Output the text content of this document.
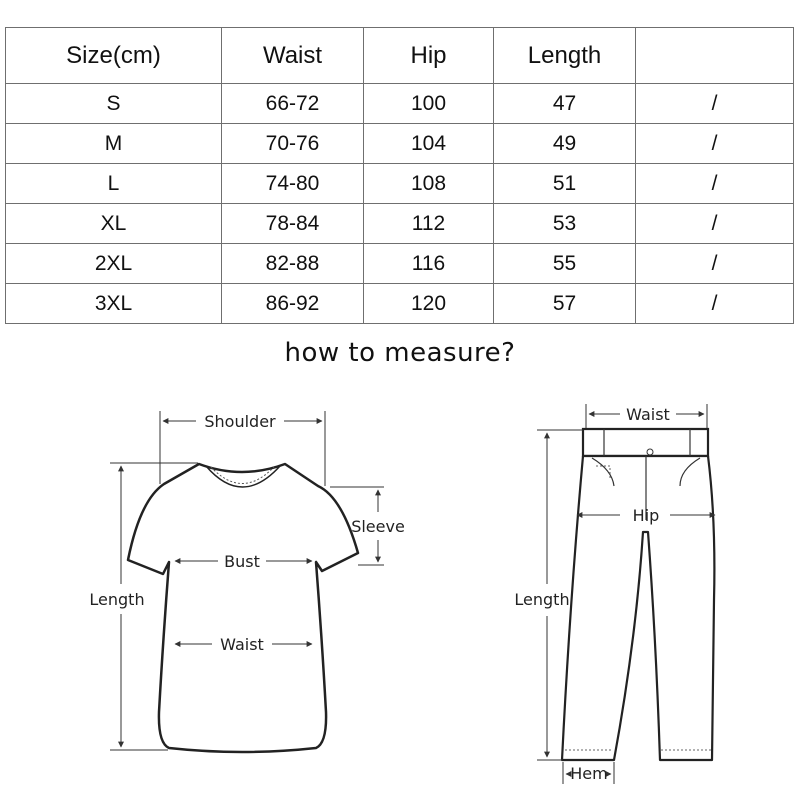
Size(cm)	Waist	Hip	Length	
S	66-72	100	47	/
M	70-76	104	49	/
L	74-80	108	51	/
XL	78-84	112	53	/
2XL	82-88	116	55	/
3XL	86-92	120	57	/
how to measure?
Shoulder
Sleeve
Bust
Waist
Length
Waist
Hip
Length
Hem
